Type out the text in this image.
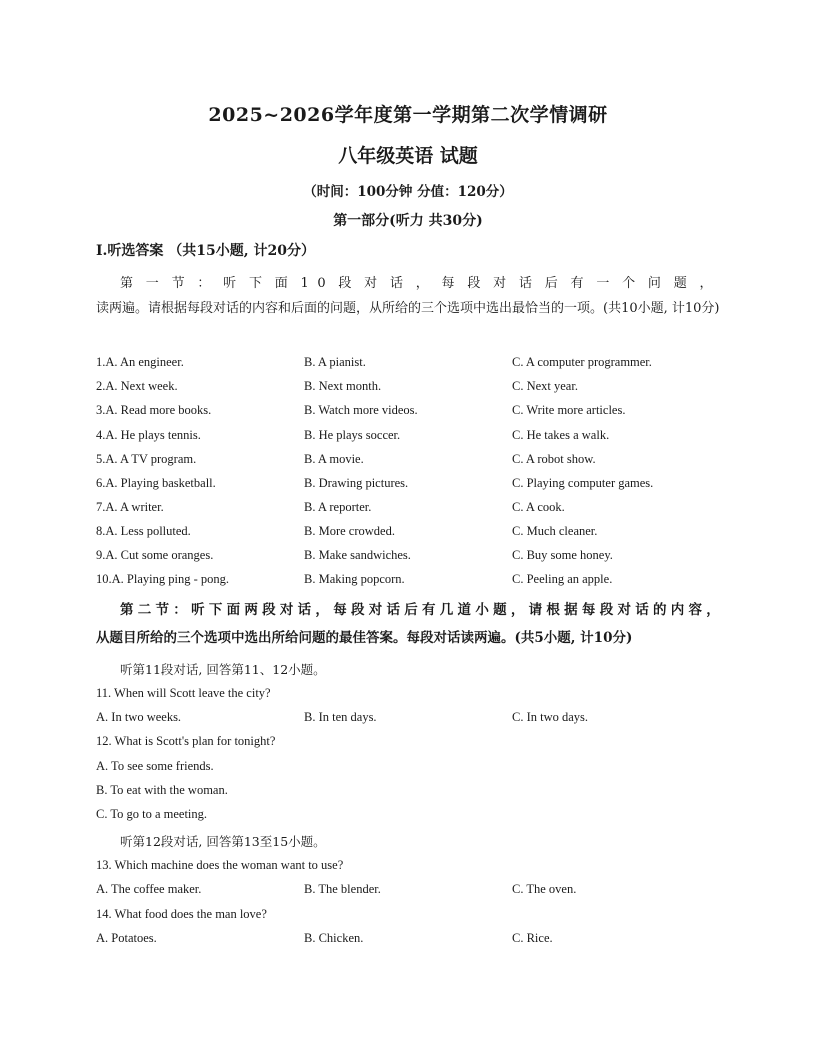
2025~2026学年度第一学期第二次学情调研
八年级英语 试题
（时间：100分钟 分值：120分）
第一部分(听力 共30分)
Ⅰ.听选答案 （共15小题, 计20分）
第一节：听下面10段对话，每段对话后有一个问题，
读两遍。请根据每段对话的内容和后面的问题，从所给的三个选项中选出最恰当的一项。(共10小题, 计10分)
1.A. An engineer.	B. A pianist.	C. A computer programmer.
2.A. Next week.	B. Next month.	C. Next year.
3.A. Read more books.	B. Watch more videos.	C. Write more articles.
4.A. He plays tennis.	B. He plays soccer.	C. He takes a walk.
5.A. A TV program.	B. A movie.	C. A robot show.
6.A. Playing basketball.	B. Drawing pictures.	C. Playing computer games.
7.A. A writer.	B. A reporter.	C. A cook.
8.A. Less polluted.	B. More crowded.	C. Much cleaner.
9.A. Cut some oranges.	B. Make sandwiches.	C. Buy some honey.
10.A. Playing ping - pong.	B. Making popcorn.	C. Peeling an apple.
第二节：听下面两段对话，每段对话后有几道小题，请根据每段对话的内容，
从题目所给的三个选项中选出所给问题的最佳答案。每段对话读两遍。(共5小题, 计10分)
听第11段对话, 回答第11、12小题。
11. When will Scott leave the city?
A. In two weeks.	B. In ten days.	C. In two days.
12. What is Scott's plan for tonight?
A. To see some friends.
B. To eat with the woman.
C. To go to a meeting.
听第12段对话, 回答第13至15小题。
13. Which machine does the woman want to use?
A. The coffee maker.	B. The blender.	C. The oven.
14. What food does the man love?
A. Potatoes.	B. Chicken.	C. Rice.
